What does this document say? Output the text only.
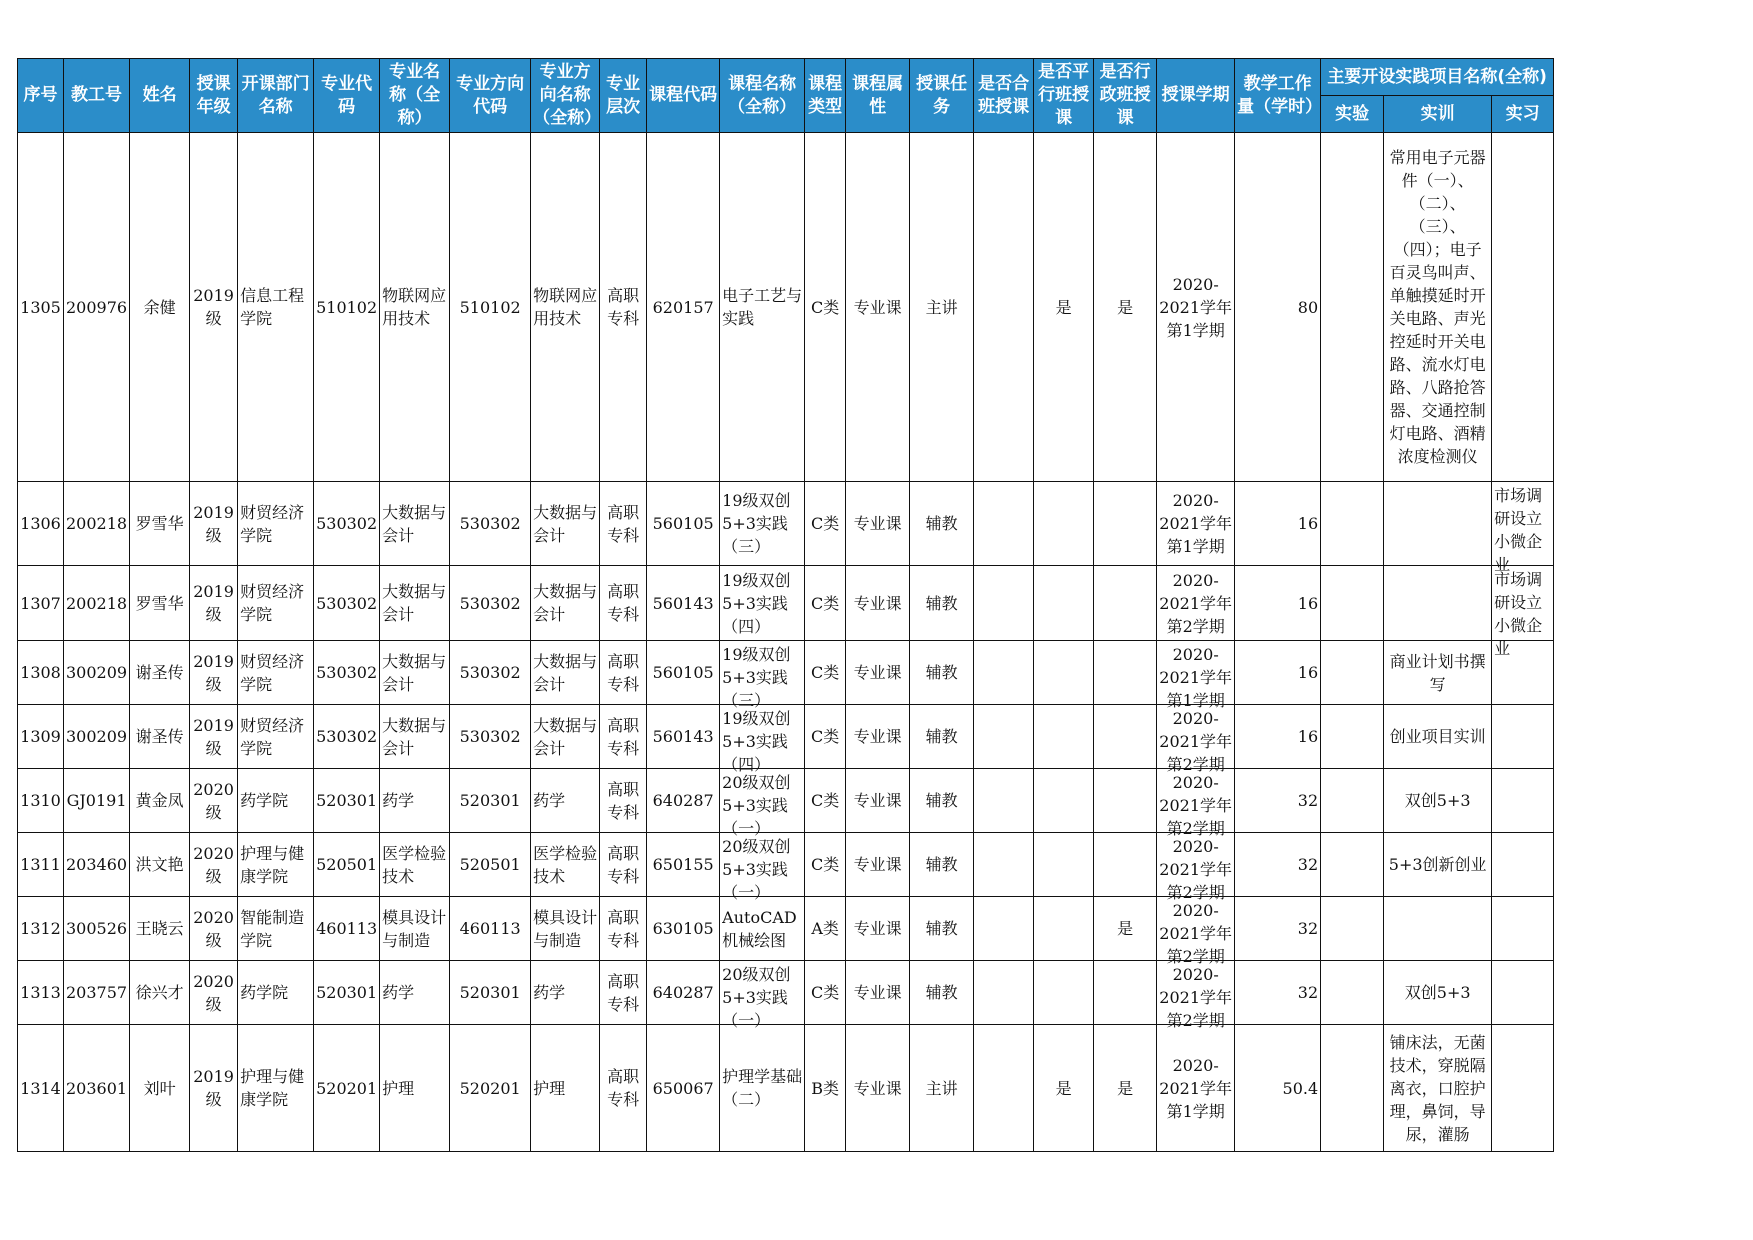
序号	教工号	姓名	授课年级	开课部门名称	专业代码	专业名称（全称）	专业方向代码	专业方向名称（全称）	专业层次	课程代码	课程名称（全称）	课程类型	课程属性	授课任务	是否合班授课	是否平行班授课	是否行政班授课	授课学期	教学工作量（学时）	主要开设实践项目名称(全称)		
																				实验	实训	实习

1305	200976	余健	2019级	信息工程学院	510102	物联网应用技术	510102	物联网应用技术	高职专科	620157	电子工艺与实践	C类	专业课	主讲		是	是	2020-2021学年第1学期	80		常用电子元器件（一）、（二）、（三）、（四）；电子百灵鸟叫声、单触摸延时开关电路、声光控延时开关电路、流水灯电路、八路抢答器、交通控制灯电路、酒精浓度检测仪	

1306	200218	罗雪华	2019级	财贸经济学院	530302	大数据与会计	530302	大数据与会计	高职专科	560105	19级双创5+3实践（三）	C类	专业课	辅教				2020-2021学年第1学期	16			市场调研设立小微企业

1307	200218	罗雪华	2019级	财贸经济学院	530302	大数据与会计	530302	大数据与会计	高职专科	560143	19级双创5+3实践（四）	C类	专业课	辅教				2020-2021学年第2学期	16			市场调研设立小微企业

1308	300209	谢圣传	2019级	财贸经济学院	530302	大数据与会计	530302	大数据与会计	高职专科	560105	19级双创5+3实践（三）	C类	专业课	辅教				2020-2021学年第1学期	16		商业计划书撰写	

1309	300209	谢圣传	2019级	财贸经济学院	530302	大数据与会计	530302	大数据与会计	高职专科	560143	19级双创5+3实践（四）	C类	专业课	辅教				2020-2021学年第2学期	16		创业项目实训	

1310	GJ0191	黄金凤	2020级	药学院	520301	药学	520301	药学	高职专科	640287	20级双创5+3实践（一）	C类	专业课	辅教				2020-2021学年第2学期	32		双创5+3	

1311	203460	洪文艳	2020级	护理与健康学院	520501	医学检验技术	520501	医学检验技术	高职专科	650155	20级双创5+3实践（一）	C类	专业课	辅教				2020-2021学年第2学期	32		5+3创新创业	

1312	300526	王晓云	2020级	智能制造学院	460113	模具设计与制造	460113	模具设计与制造	高职专科	630105	AutoCAD机械绘图	A类	专业课	辅教			是	2020-2021学年第2学期	32			

1313	203757	徐兴才	2020级	药学院	520301	药学	520301	药学	高职专科	640287	20级双创5+3实践（一）	C类	专业课	辅教				2020-2021学年第2学期	32		双创5+3	

1314	203601	刘叶	2019级	护理与健康学院	520201	护理	520201	护理	高职专科	650067	护理学基础（二）	B类	专业课	主讲		是	是	2020-2021学年第1学期	50.4		铺床法，无菌技术，穿脱隔离衣，口腔护理，鼻饲，导尿，灌肠	
